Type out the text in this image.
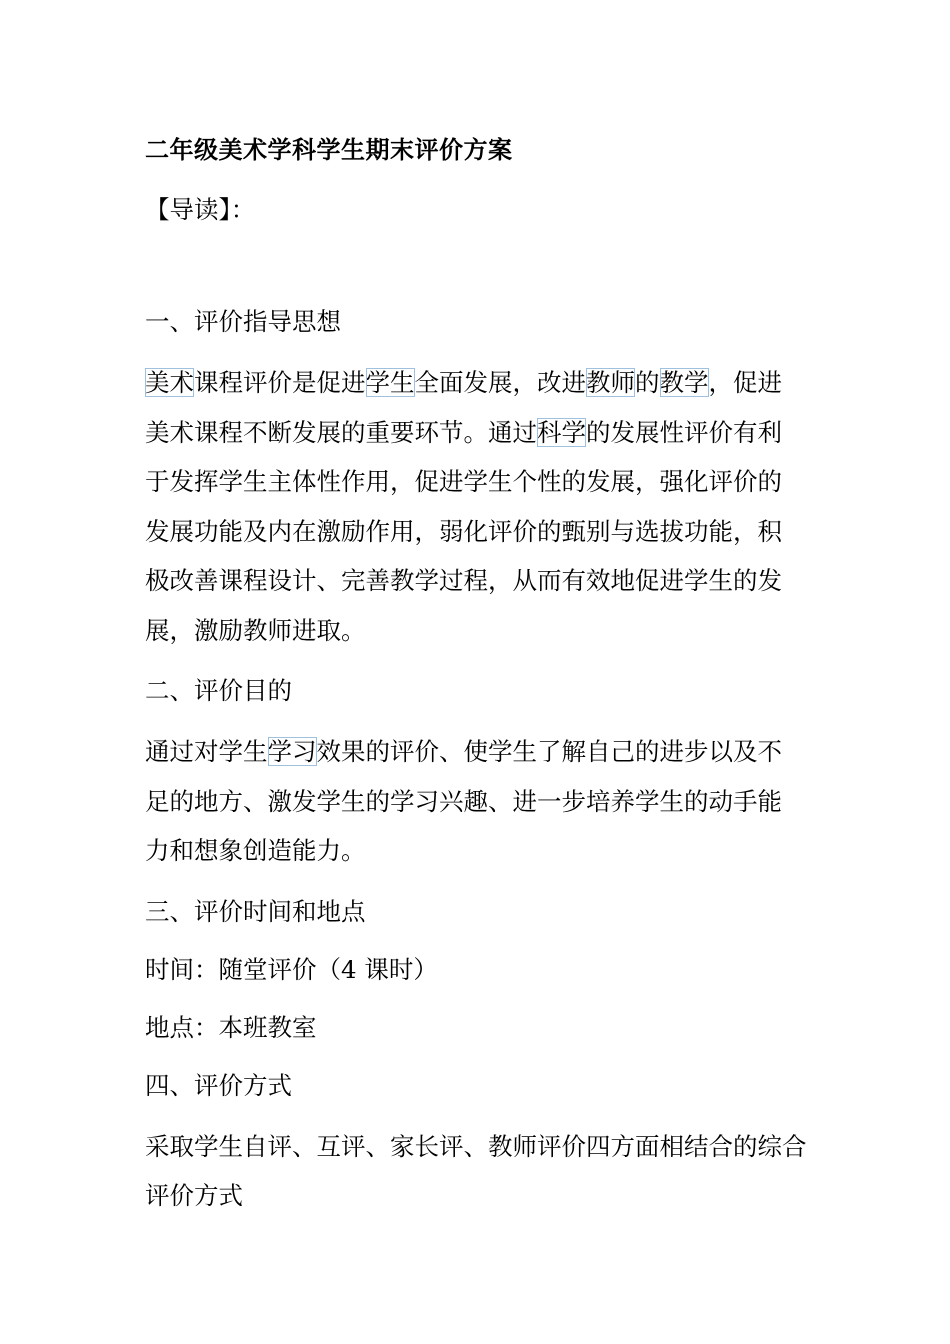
二年级美术学科学生期末评价方案

【导读】：

一、评价指导思想

美术课程评价是促进学生全面发展，改进教师的教学，促进

美术课程不断发展的重要环节。通过科学的发展性评价有利

于发挥学生主体性作用，促进学生个性的发展，强化评价的

发展功能及内在激励作用，弱化评价的甄别与选拔功能，积

极改善课程设计、完善教学过程，从而有效地促进学生的发

展，激励教师进取。

二、评价目的

通过对学生学习效果的评价、使学生了解自己的进步以及不

足的地方、激发学生的学习兴趣、进一步培养学生的动手能

力和想象创造能力。

三、评价时间和地点

时间：随堂评价（4 课时）

地点：本班教室

四、评价方式

采取学生自评、互评、家长评、教师评价四方面相结合的综合

评价方式
